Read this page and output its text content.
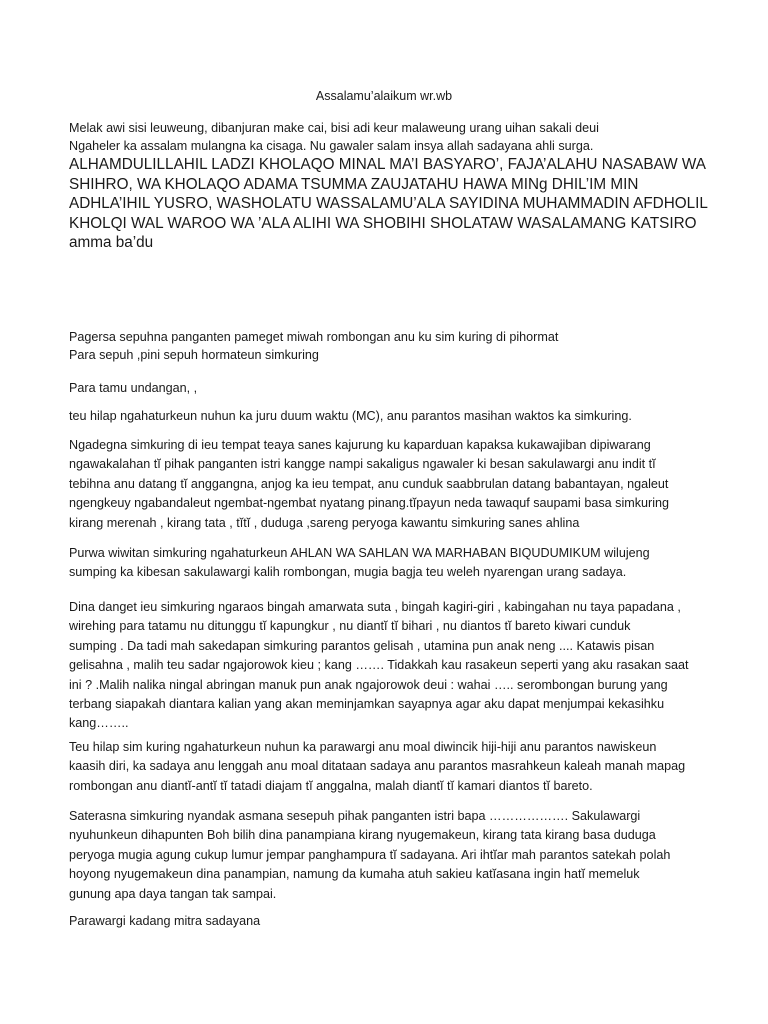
Assalamu’alaikum wr.wb

Melak awi sisi leuweung, dibanjuran make cai, bisi adi keur malaweung urang uihan sakali deui
Ngaheler ka assalam mulangna ka cisaga. Nu gawaler salam insya allah sadayana ahli surga.

ALHAMDULILLAHIL LADZI KHOLAQO MINAL MA’I BASYARO’, FAJA’ALAHU NASABAW WA
SHIHRO, WA KHOLAQO ADAMA TSUMMA ZAUJATAHU HAWA MINg DHIL’IM MIN
ADHLA’IHIL YUSRO, WASHOLATU WASSALAMU’ALA SAYIDINA MUHAMMADIN AFDHOLIL
KHOLQI WAL WAROO WA ’ALA ALIHI WA SHOBIHI SHOLATAW WASALAMANG KATSIRO
amma ba’du

Pagersa sepuhna panganten pameget miwah rombongan anu ku sim kuring di pihormat
Para sepuh ,pini sepuh hormateun simkuring

Para tamu undangan, ,

teu hilap ngahaturkeun nuhun ka juru duum waktu (MC), anu parantos masihan waktos ka simkuring.

Ngadegna simkuring di ieu tempat teaya sanes kajurung ku kaparduan kapaksa kukawajiban dipiwarang
ngawakalahan tĭ pihak panganten istri kangge nampi sakaligus ngawaler ki besan sakulawargi anu indit tĭ
tebihna anu datang tĭ anggangna, anjog ka ieu tempat, anu cunduk saabbrulan datang babantayan, ngaleut
ngengkeuy ngabandaleut ngembat-ngembat nyatang pinang.tĭpayun neda tawaquf saupami basa simkuring
kirang merenah , kirang tata , tĭtĭ , duduga ,sareng peryoga kawantu simkuring sanes ahlina

Purwa wiwitan simkuring ngahaturkeun AHLAN WA SAHLAN WA MARHABAN BIQUDUMIKUM wilujeng
sumping ka kibesan sakulawargi kalih rombongan, mugia bagja teu weleh nyarengan urang sadaya.

Dina danget ieu simkuring ngaraos bingah amarwata suta , bingah kagiri-giri , kabingahan nu taya papadana ,
wirehing para tatamu nu ditunggu tĭ kapungkur , nu diantĭ tĭ bihari , nu diantos tĭ bareto kiwari cunduk
sumping . Da tadi mah sakedapan simkuring parantos gelisah , utamina pun anak neng .... Katawis pisan
gelisahna , malih teu sadar ngajorowok kieu ; kang ……. Tidakkah kau rasakeun seperti yang aku rasakan saat
ini ? .Malih nalika ningal abringan manuk pun anak ngajorowok deui : wahai ….. serombongan burung yang
terbang siapakah diantara kalian yang akan meminjamkan sayapnya agar aku dapat menjumpai kekasihku
kang……..

Teu hilap sim kuring ngahaturkeun nuhun ka parawargi anu moal diwincik hiji-hiji anu parantos nawiskeun
kaasih diri, ka sadaya anu lenggah anu moal ditataan sadaya anu parantos masrahkeun kaleah manah mapag
rombongan anu diantĭ-antĭ tĭ tatadi diajam tĭ anggalna, malah diantĭ tĭ kamari diantos tĭ bareto.

Saterasna simkuring nyandak asmana sesepuh pihak panganten istri bapa ………………. Sakulawargi
nyuhunkeun dihapunten Boh bilih dina panampiana kirang nyugemakeun, kirang tata kirang basa duduga
peryoga mugia agung cukup lumur jempar panghampura tĭ sadayana. Ari ihtĭar mah parantos satekah polah
hoyong nyugemakeun dina panampian, namung da kumaha atuh sakieu katĭasana ingin hatĭ memeluk
gunung apa daya tangan tak sampai.

Parawargi kadang mitra sadayana
